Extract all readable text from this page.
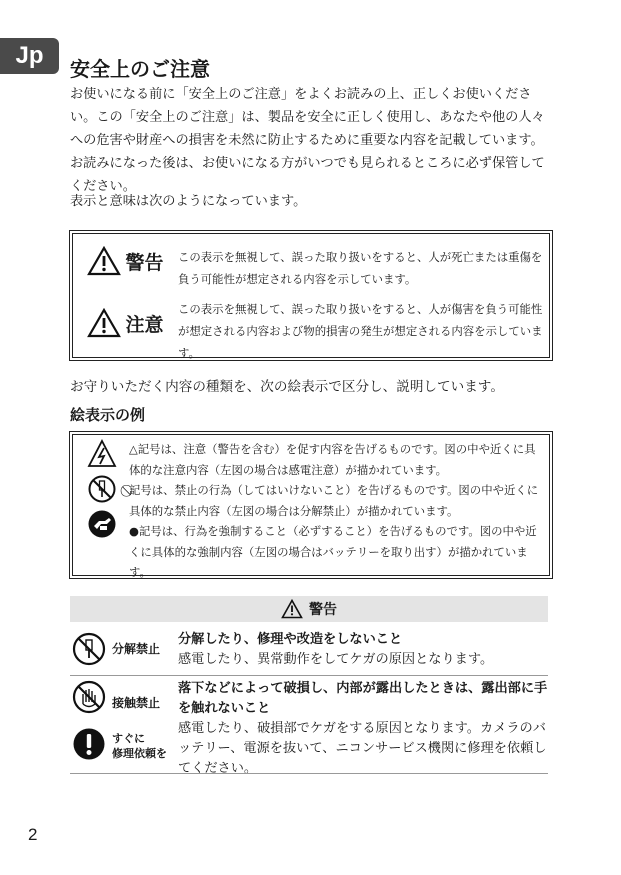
Jp	安全上のご注意

お使いになる前に「安全上のご注意」をよくお読みの上、正しくお使いください。この「安全上のご注意」は、製品を安全に正しく使用し、あなたや他の人々への危害や財産への損害を未然に防止するために重要な内容を記載しています。お読みになった後は、お使いになる方がいつでも見られるところに必ず保管してください。

表示と意味は次のようになっています。

警告 この表示を無視して、誤った取り扱いをすると、人が死亡または重傷を負う可能性が想定される内容を示しています。
注意
この表示を無視して、誤った取り扱いをすると、人が傷害を負う可能性が想定される内容および物的損害の発生が想定される内容を示しています。

お守りいただく内容の種類を、次の絵表示で区分し、説明しています。

絵表示の例

△記号は、注意（警告を含む）を促す内容を告げるものです。図の中や近くに具体的な注意内容（左図の場合は感電注意）が描かれています。

⃠記号は、禁止の行為（してはいけないこと）を告げるものです。図の中や近くに具体的な禁止内容（左図の場合は分解禁止）が描かれています。

●記号は、行為を強制すること（必ずすること）を告げるものです。図の中や近くに具体的な強制内容（左図の場合はバッテリーを取り出す）が描かれています。

警告
分解禁止

分解したり、修理や改造をしないこと

感電したり、異常動作をしてケガの原因となります。

接触禁止
すぐに
修理依頼を

落下などによって破損し、内部が露出したときは、露出部に手を触れないこと

感電したり、破損部でケガをする原因となります。カメラのバッテリー、電源を抜いて、ニコンサービス機関に修理を依頼してください。

2
